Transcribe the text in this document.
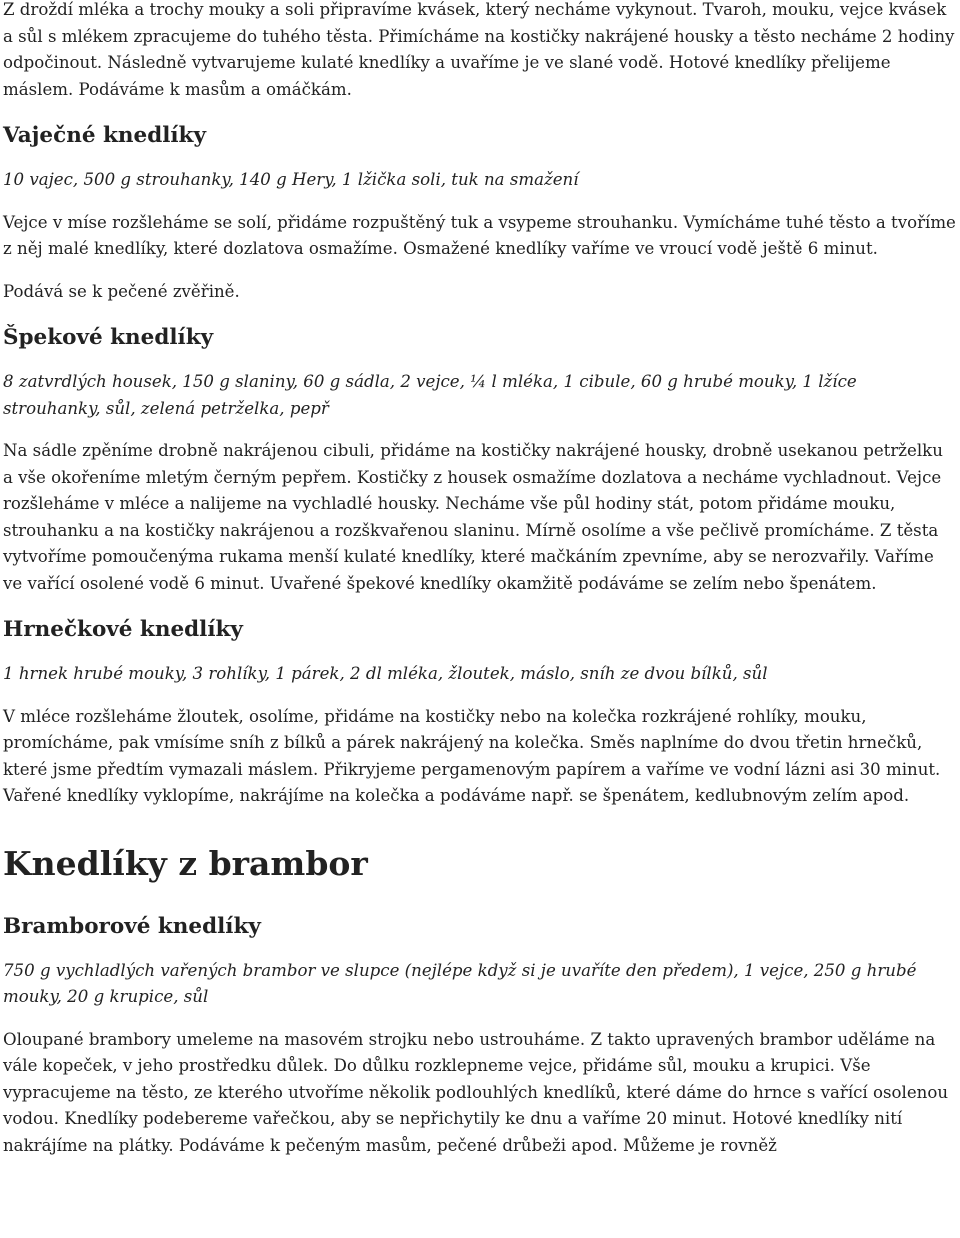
Z droždí mléka a trochy mouky a soli připravíme kvásek, který necháme vykynout. Tvaroh, mouku, vejce kvásek a sůl s mlékem zpracujeme do tuhého těsta. Přimícháme na kostičky nakrájené housky a těsto necháme 2 hodiny odpočinout. Následně vytvarujeme kulaté knedlíky a uvaříme je ve slané vodě. Hotové knedlíky přelijeme máslem. Podáváme k masům a omáčkám.

Vaječné knedlíky

10 vajec, 500 g strouhanky, 140 g Hery, 1 lžička soli, tuk na smažení

Vejce v míse rozšleháme se solí, přidáme rozpuštěný tuk a vsypeme strouhanku. Vymícháme tuhé těsto a tvoříme z něj malé knedlíky, které dozlatova osmažíme. Osmažené knedlíky vaříme ve vroucí vodě ještě 6 minut.

Podává se k pečené zvěřině.

Špekové knedlíky

8 zatvrdlých housek, 150 g slaniny, 60 g sádla, 2 vejce, ¼ l mléka, 1 cibule, 60 g hrubé mouky, 1 lžíce strouhanky, sůl, zelená petrželka, pepř

Na sádle zpěníme drobně nakrájenou cibuli, přidáme na kostičky nakrájené housky, drobně usekanou petrželku a vše okořeníme mletým černým pepřem. Kostičky z housek osmažíme dozlatova a necháme vychladnout. Vejce rozšleháme v mléce a nalijeme na vychladlé housky. Necháme vše půl hodiny stát, potom přidáme mouku, strouhanku a na kostičky nakrájenou a rozškvařenou slaninu. Mírně osolíme a vše pečlivě promícháme. Z těsta vytvoříme pomoučenýma rukama menší kulaté knedlíky, které mačkáním zpevníme, aby se nerozvařily. Vaříme ve vařící osolené vodě 6 minut. Uvařené špekové knedlíky okamžitě podáváme se zelím nebo špenátem.

Hrnečkové knedlíky

1 hrnek hrubé mouky, 3 rohlíky, 1 párek, 2 dl mléka, žloutek, máslo, sníh ze dvou bílků, sůl

V mléce rozšleháme žloutek, osolíme, přidáme na kostičky nebo na kolečka rozkrájené rohlíky, mouku, promícháme, pak vmísíme sníh z bílků a párek nakrájený na kolečka. Směs naplníme do dvou třetin hrnečků, které jsme předtím vymazali máslem. Přikryjeme pergamenovým papírem a vaříme ve vodní lázni asi 30 minut. Vařené knedlíky vyklopíme, nakrájíme na kolečka a podáváme např. se špenátem, kedlubnovým zelím apod.

Knedlíky z brambor
Bramborové knedlíky

750 g vychladlých vařených brambor ve slupce (nejlépe když si je uvaříte den předem), 1 vejce, 250 g hrubé mouky, 20 g krupice, sůl

Oloupané brambory umeleme na masovém strojku nebo ustrouháme. Z takto upravených brambor uděláme na vále kopeček, v jeho prostředku důlek. Do důlku rozklepneme vejce, přidáme sůl, mouku a krupici. Vše vypracujeme na těsto, ze kterého utvoříme několik podlouhlých knedlíků, které dáme do hrnce s vařící osolenou vodou. Knedlíky podebereme vařečkou, aby se nepřichytily ke dnu a vaříme 20 minut. Hotové knedlíky nití nakrájíme na plátky. Podáváme k pečeným masům, pečené drůbeži apod. Můžeme je rovněž
